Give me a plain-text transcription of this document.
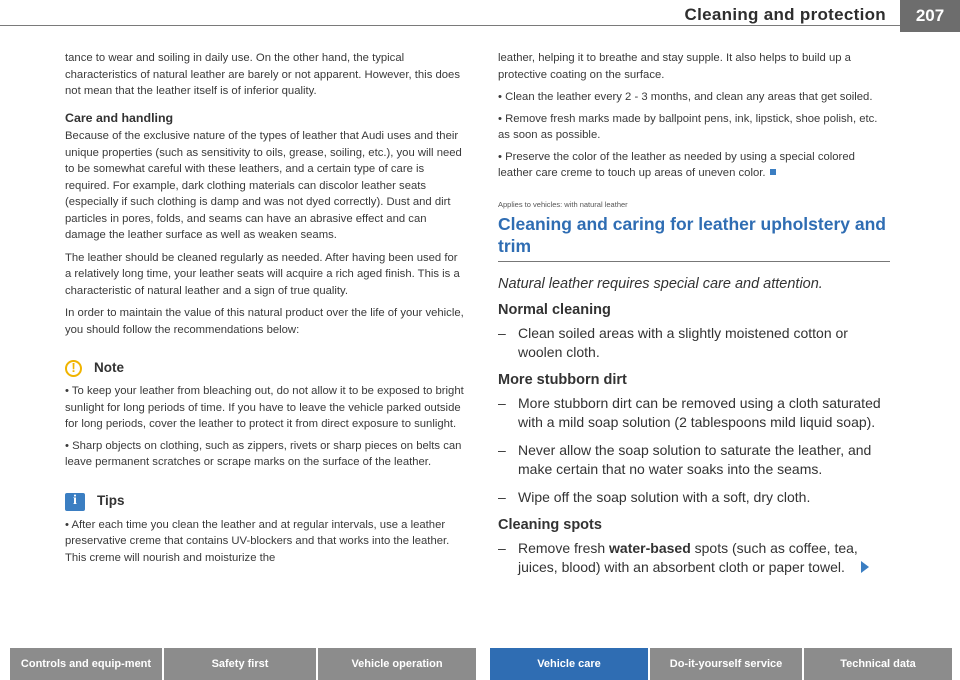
Cleaning and protection	207

tance to wear and soiling in daily use. On the other hand, the typical characteristics of natural leather are barely or not apparent. However, this does not mean that the leather itself is of inferior quality.

Care and handling

Because of the exclusive nature of the types of leather that Audi uses and their unique properties (such as sensitivity to oils, grease, soiling, etc.), you will need to be somewhat careful with these leathers, and a certain type of care is required. For example, dark clothing materials can discolor leather seats (especially if such clothing is damp and was not dyed correctly). Dust and dirt particles in pores, folds, and seams can have an abrasive effect and can damage the leather surface as well as weaken seams.

The leather should be cleaned regularly as needed. After having been used for a relatively long time, your leather seats will acquire a rich aged finish. This is a characteristic of natural leather and a sign of true quality.

In order to maintain the value of this natural product over the life of your vehicle, you should follow the recommendations below:

!	Note

• To keep your leather from bleaching out, do not allow it to be exposed to bright sunlight for long periods of time. If you have to leave the vehicle parked outside for long periods, cover the leather to protect it from direct exposure to sunlight.

• Sharp objects on clothing, such as zippers, rivets or sharp pieces on belts can leave permanent scratches or scrape marks on the surface of the leather.

i	Tips

• After each time you clean the leather and at regular intervals, use a leather preservative creme that contains UV-blockers and that works into the leather. This creme will nourish and moisturize the

leather, helping it to breathe and stay supple. It also helps to build up a protective coating on the surface.

• Clean the leather every 2 - 3 months, and clean any areas that get soiled.

• Remove fresh marks made by ballpoint pens, ink, lipstick, shoe polish, etc. as soon as possible.

• Preserve the color of the leather as needed by using a special colored leather care creme to touch up areas of uneven color.

Applies to vehicles: with natural leather
Cleaning and caring for leather upholstery and trim
Natural leather requires special care and attention.
Normal cleaning
– Clean soiled areas with a slightly moistened cotton or woolen cloth.
More stubborn dirt
– More stubborn dirt can be removed using a cloth saturated with a mild soap solution (2 tablespoons mild liquid soap).
– Never allow the soap solution to saturate the leather, and make certain that no water soaks into the seams.
– Wipe off the soap solution with a soft, dry cloth.
Cleaning spots
– Remove fresh water-based spots (such as coffee, tea, juices, blood) with an absorbent cloth or paper towel.
Controls and equip-ment	Safety first	Vehicle operation	Vehicle care	Do-it-yourself service	Technical data
